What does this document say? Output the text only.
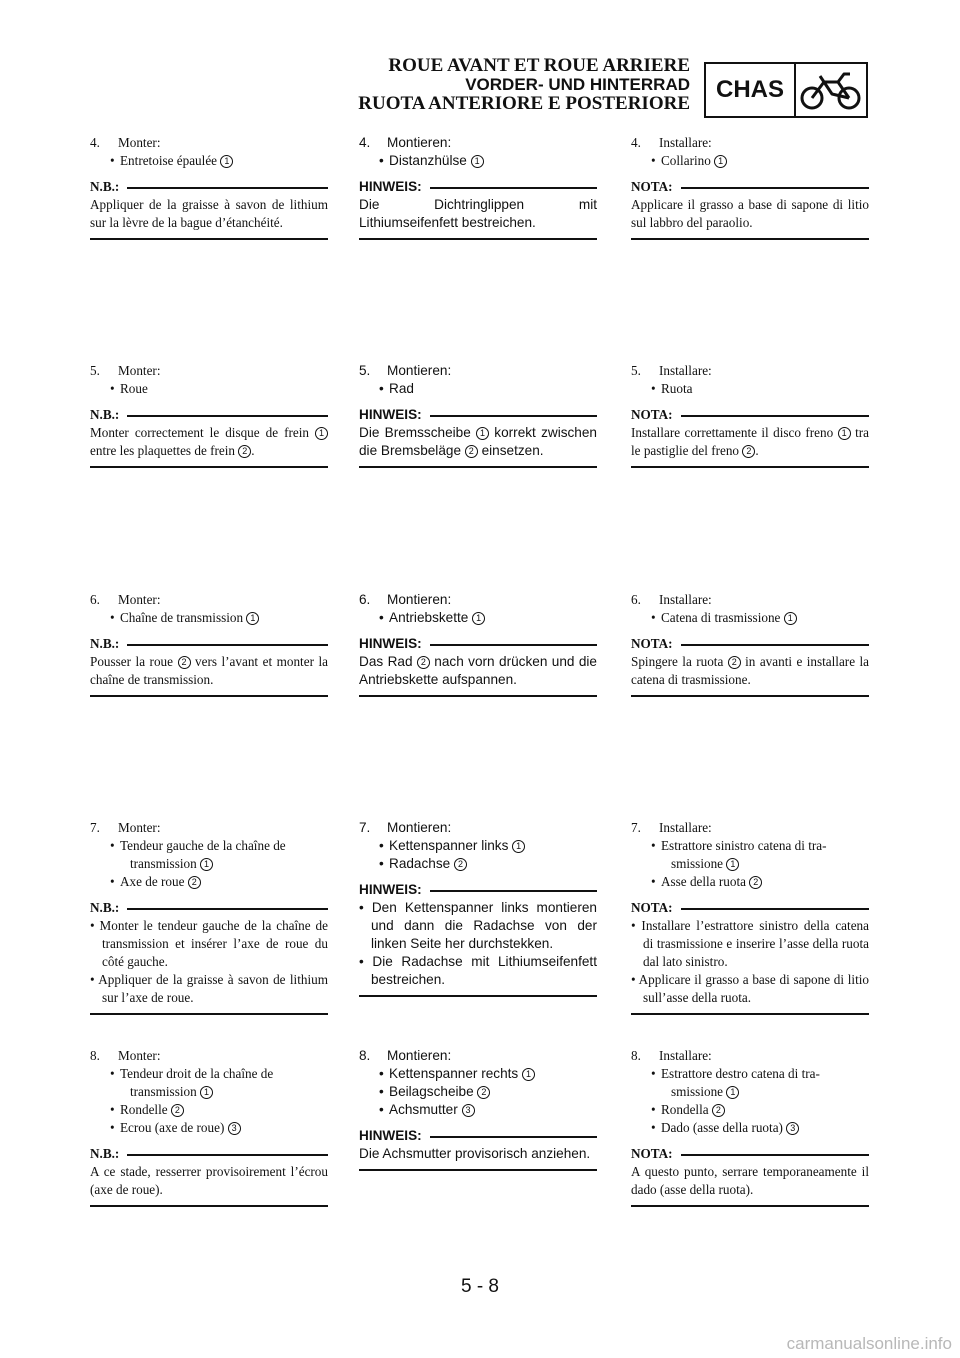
ROUE AVANT ET ROUE ARRIERE
VORDER- UND HINTERRAD
RUOTA ANTERIORE E POSTERIORE
CHAS
4. Monter:
• Entretoise épaulée 1
N.B.:
Appliquer de la graisse à savon de lithium sur la lèvre de la bague d’étanchéité.
5. Monter:
• Roue
N.B.:
Monter correctement le disque de frein 1 entre les plaquettes de frein 2 .
6. Monter:
• Chaîne de transmission 1
N.B.:
Pousser la roue 2 vers l’avant et monter la chaîne de transmission.
7. Monter:
• Tendeur gauche de la chaîne de
transmission 1
• Axe de roue 2
N.B.:
• Monter le tendeur gauche de la chaîne de transmission et insérer l’axe de roue du côté gauche.
• Appliquer de la graisse à savon de lithium sur l’axe de roue.
8. Monter:
• Tendeur droit de la chaîne de
transmission 1
• Rondelle 2
• Ecrou (axe de roue) 3
N.B.:
A ce stade, resserrer provisoirement l’écrou (axe de roue).
4. Montieren:
• Distanzhülse 1
HINWEIS:
Die Dichtringlippen mit Lithiumseifenfett bestreichen.
5. Montieren:
• Rad
HINWEIS:
Die Bremsscheibe 1 korrekt zwischen die Bremsbeläge 2 einsetzen.
6. Montieren:
• Antriebskette 1
HINWEIS:
Das Rad 2 nach vorn drücken und die Antriebskette aufspannen.
7. Montieren:
• Kettenspanner links 1
• Radachse 2
HINWEIS:
• Den Kettenspanner links montieren und dann die Radachse von der linken Seite her durchstekken.
• Die Radachse mit Lithiumseifenfett bestreichen.
8. Montieren:
• Kettenspanner rechts 1
• Beilagscheibe 2
• Achsmutter 3
HINWEIS:
Die Achsmutter provisorisch anziehen.
4. Installare:
• Collarino 1
NOTA:
Applicare il grasso a base di sapone di litio sul labbro del paraolio.
5. Installare:
• Ruota
NOTA:
Installare correttamente il disco freno 1 tra le pastiglie del freno 2 .
6. Installare:
• Catena di trasmissione 1
NOTA:
Spingere la ruota 2 in avanti e installare la catena di trasmissione.
7. Installare:
• Estrattore sinistro catena di tra-
smissione 1
• Asse della ruota 2
NOTA:
• Installare l’estrattore sinistro della catena di trasmissione e inserire l’asse della ruota dal lato sinistro.
• Applicare il grasso a base di sapone di litio sull’asse della ruota.
8. Installare:
• Estrattore destro catena di tra-
smissione 1
• Rondella 2
• Dado (asse della ruota) 3
NOTA:
A questo punto, serrare temporaneamente il dado (asse della ruota).
5 - 8
carmanualsonline.info
